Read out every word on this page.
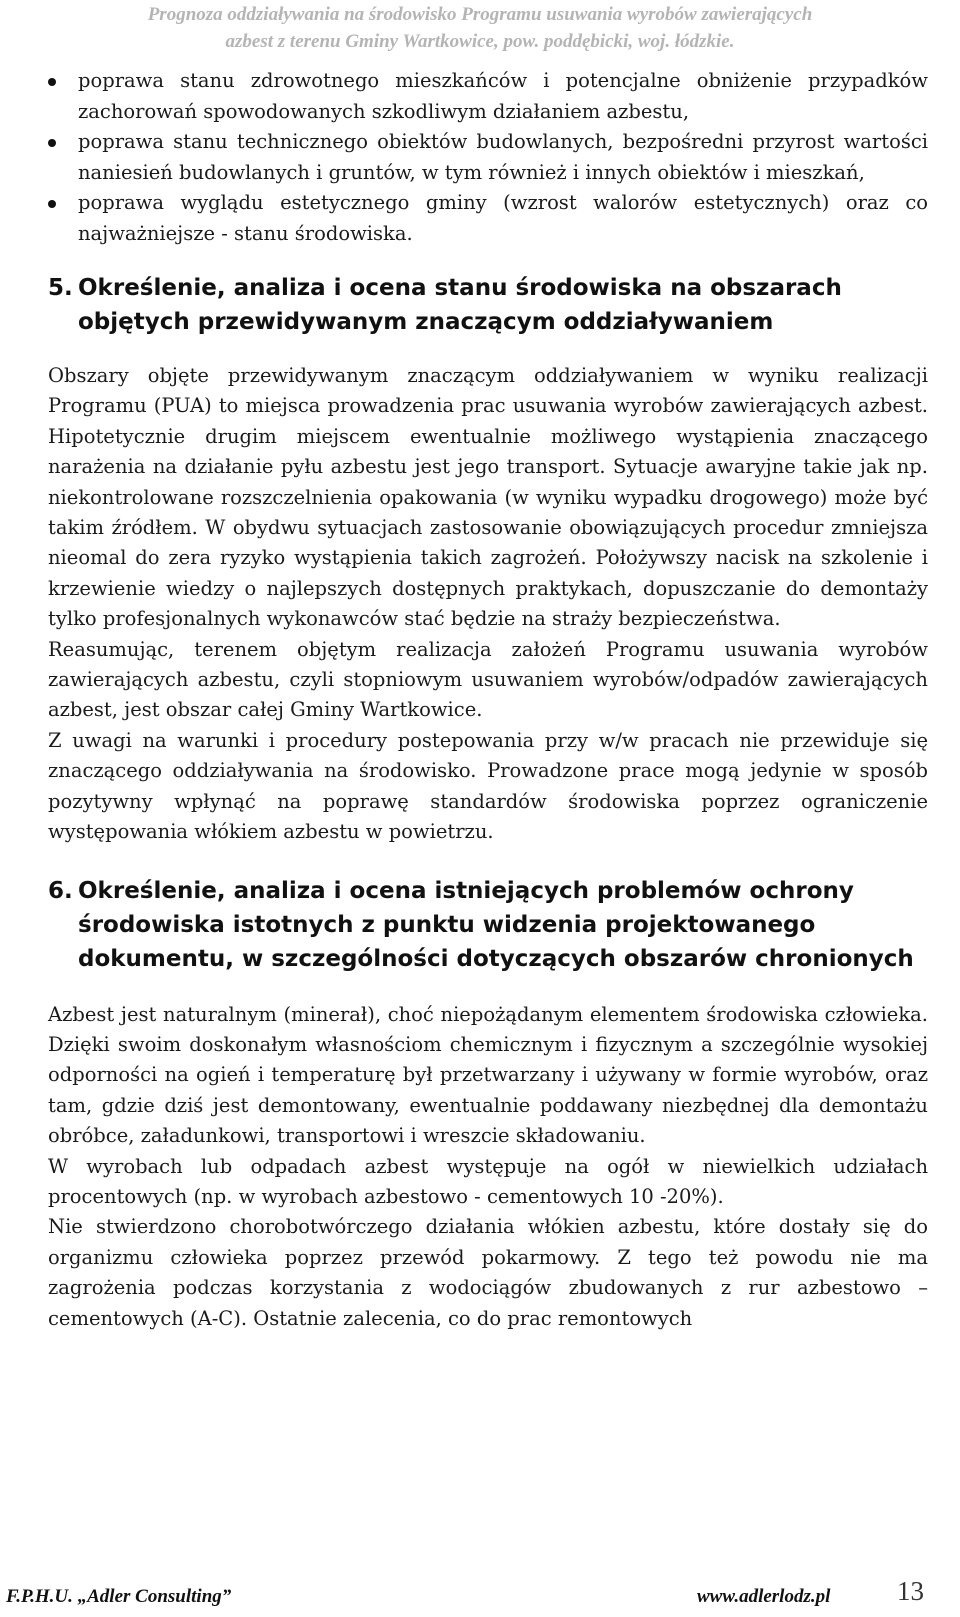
Prognoza oddziaływania na środowisko Programu usuwania wyrobów zawierających
azbest z terenu Gminy Wartkowice, pow. poddębicki, woj. łódzkie.
poprawa stanu zdrowotnego mieszkańców i potencjalne obniżenie przypadków zachorowań spowodowanych szkodliwym działaniem azbestu,
poprawa stanu technicznego obiektów budowlanych, bezpośredni przyrost wartości naniesień budowlanych i gruntów, w tym również i innych obiektów i mieszkań,
poprawa wyglądu estetycznego gminy (wzrost walorów estetycznych) oraz co najważniejsze - stanu środowiska.
5. Określenie, analiza i ocena stanu środowiska na obszarach objętych przewidywanym znaczącym oddziaływaniem

Obszary objęte przewidywanym znaczącym oddziaływaniem w wyniku realizacji Programu (PUA) to miejsca prowadzenia prac usuwania wyrobów zawierających azbest. Hipotetycznie drugim miejscem ewentualnie możliwego wystąpienia znaczącego narażenia na działanie pyłu azbestu jest jego transport. Sytuacje awaryjne takie jak np. niekontrolowane rozszczelnienia opakowania (w wyniku wypadku drogowego) może być takim źródłem. W obydwu sytuacjach zastosowanie obowiązujących procedur zmniejsza nieomal do zera ryzyko wystąpienia takich zagrożeń. Położywszy nacisk na szkolenie i krzewienie wiedzy o najlepszych dostępnych praktykach, dopuszczanie do demontaży tylko profesjonalnych wykonawców stać będzie na straży bezpieczeństwa.

Reasumując, terenem objętym realizacja założeń Programu usuwania wyrobów zawierających azbestu, czyli stopniowym usuwaniem wyrobów/odpadów zawierających azbest, jest obszar całej Gminy Wartkowice.

Z uwagi na warunki i procedury postepowania przy w/w pracach nie przewiduje się znaczącego oddziaływania na środowisko. Prowadzone prace mogą jedynie w sposób pozytywny wpłynąć na poprawę standardów środowiska poprzez ograniczenie występowania włókiem azbestu w powietrzu.

6. Określenie, analiza i ocena istniejących problemów ochrony środowiska istotnych z punktu widzenia projektowanego dokumentu, w szczególności dotyczących obszarów chronionych

Azbest jest naturalnym (minerał), choć niepożądanym elementem środowiska człowieka. Dzięki swoim doskonałym własnościom chemicznym i fizycznym a szczególnie wysokiej odporności na ogień i temperaturę był przetwarzany i używany w formie wyrobów, oraz tam, gdzie dziś jest demontowany, ewentualnie poddawany niezbędnej dla demontażu obróbce, załadunkowi, transportowi i wreszcie składowaniu.

W wyrobach lub odpadach azbest występuje na ogół w niewielkich udziałach procentowych (np. w wyrobach azbestowo - cementowych 10 -20%).

Nie stwierdzono chorobotwórczego działania włókien azbestu, które dostały się do organizmu człowieka poprzez przewód pokarmowy. Z tego też powodu nie ma zagrożenia podczas korzystania z wodociągów zbudowanych z rur azbestowo – cementowych (A-C). Ostatnie zalecenia, co do prac remontowych

F.P.H.U. „Adler Consulting”	www.adlerlodz.pl 13
